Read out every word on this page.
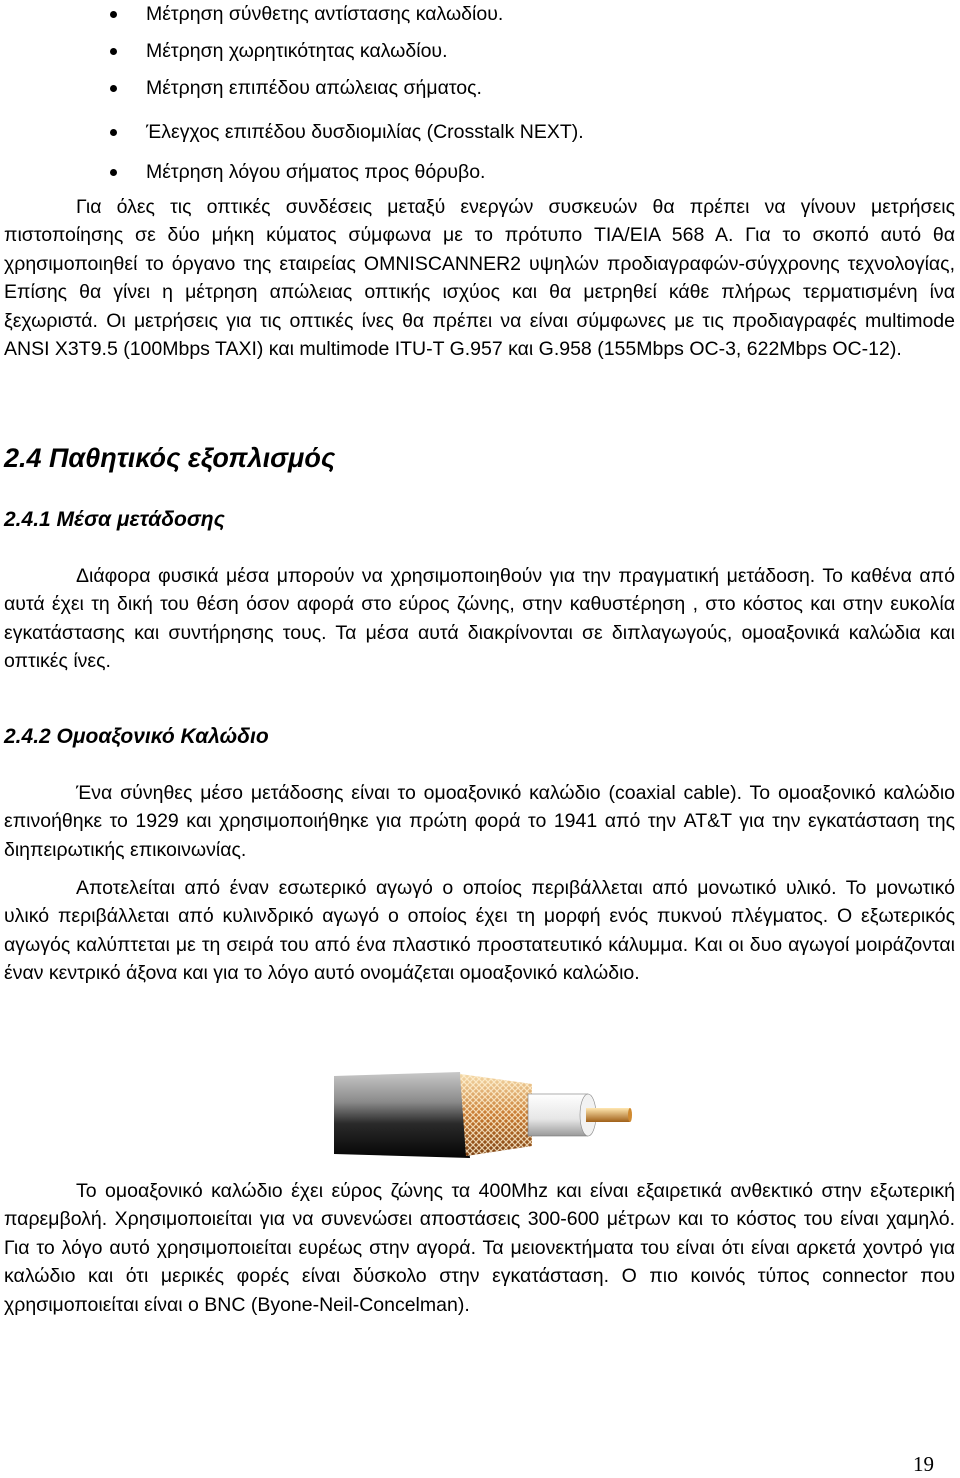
Μέτρηση σύνθετης αντίστασης καλωδίου.
Μέτρηση χωρητικότητας καλωδίου.
Μέτρηση επιπέδου απώλειας σήματος.
Έλεγχος επιπέδου δυσδιομιλίας (Crosstalk NEXT).
Μέτρηση λόγου σήματος προς θόρυβο.

Για όλες τις οπτικές συνδέσεις μεταξύ ενεργών συσκευών θα πρέπει να γίνουν μετρήσεις πιστοποίησης σε δύο μήκη κύματος σύμφωνα με το πρότυπο TIA/EIA 568 A. Για το σκοπό αυτό θα χρησιμοποιηθεί το όργανο της εταιρείας OMNISCANNER2 υψηλών προδιαγραφών-σύγχρονης τεχνολογίας, Επίσης θα γίνει η μέτρηση απώλειας οπτικής ισχύος και θα μετρηθεί κάθε πλήρως τερματισμένη ίνα ξεχωριστά. Οι μετρήσεις για τις οπτικές ίνες θα πρέπει να είναι σύμφωνες με τις προδιαγραφές multimode ANSI X3T9.5 (100Mbps TAXI) και multimode ITU-T G.957 και G.958 (155Mbps OC-3, 622Mbps OC-12).

2.4 Παθητικός εξοπλισμός
2.4.1 Μέσα μετάδοσης

Διάφορα φυσικά μέσα μπορούν να χρησιμοποιηθούν για την πραγματική μετάδοση. Το καθένα από αυτά έχει τη δική του θέση όσον αφορά στο εύρος ζώνης, στην καθυστέρηση , στο κόστος και στην ευκολία εγκατάστασης και συντήρησης τους. Τα μέσα αυτά διακρίνονται σε διπλαγωγούς, ομοαξονικά καλώδια και οπτικές ίνες.

2.4.2 Ομοαξονικό Καλώδιο

Ένα σύνηθες μέσο μετάδοσης είναι το ομοαξονικό καλώδιο (coaxial cable). Το ομοαξονικό καλώδιο επινοήθηκε το 1929 και χρησιμοποιήθηκε για πρώτη φορά το 1941 από την AT&T για την εγκατάσταση της διηπειρωτικής επικοινωνίας.

Αποτελείται από έναν εσωτερικό αγωγό ο οποίος περιβάλλεται από μονωτικό υλικό. Το μονωτικό υλικό περιβάλλεται από κυλινδρικό αγωγό ο οποίος έχει τη μορφή ενός πυκνού πλέγματος. Ο εξωτερικός αγωγός καλύπτεται με τη σειρά του από ένα πλαστικό προστατευτικό κάλυμμα. Και οι δυο αγωγοί μοιράζονται έναν κεντρικό άξονα και για το λόγο αυτό ονομάζεται ομοαξονικό καλώδιο.

Το ομοαξονικό καλώδιο έχει εύρος ζώνης τα 400Mhz και είναι εξαιρετικά ανθεκτικό στην εξωτερική παρεμβολή. Χρησιμοποιείται για να συνενώσει αποστάσεις 300-600 μέτρων και το κόστος του είναι χαμηλό. Για το λόγο αυτό χρησιμοποιείται ευρέως στην αγορά. Τα μειονεκτήματα του είναι ότι είναι αρκετά χοντρό για καλώδιο και ότι μερικές φορές είναι δύσκολο στην εγκατάσταση. Ο πιο κοινός τύπος connector που χρησιμοποιείται είναι ο BNC (Byone-Neil-Concelman).

19
